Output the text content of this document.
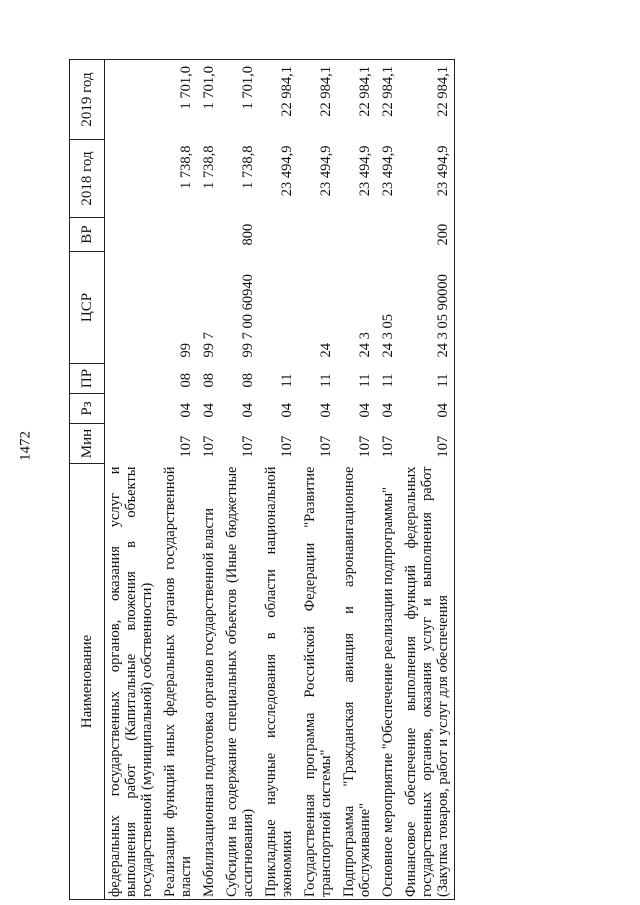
1472
Наименование	Мин	Рз	ПР	ЦСР	ВР	2018 год	2019 год
федеральных государственных органов, оказания услуг и выполнения работ (Капитальные вложения в объекты государственной (муниципальной) собственности)							
Реализация функций иных федеральных органов государственной власти	107	04	08	99		1 738,8	1 701,0
Мобилизационная подготовка органов государственной власти	107	04	08	99 7		1 738,8	1 701,0
Субсидии на содержание специальных объектов (Иные бюджетные ассигнования)	107	04	08	99 7 00 60940	800	1 738,8	1 701,0
Прикладные научные исследования в области национальной экономики	107	04	11			23 494,9	22 984,1
Государственная программа Российской Федерации "Развитие транспортной системы"	107	04	11	24		23 494,9	22 984,1
Подпрограмма "Гражданская авиация и аэронавигационное обслуживание"	107	04	11	24 3		23 494,9	22 984,1
Основное мероприятие "Обеспечение реализации подпрограммы"	107	04	11	24 3 05		23 494,9	22 984,1
Финансовое обеспечение выполнения функций федеральных государственных органов, оказания услуг и выполнения работ (Закупка товаров, работ и услуг для обеспечения	107	04	11	24 3 05 90000	200	23 494,9	22 984,1
